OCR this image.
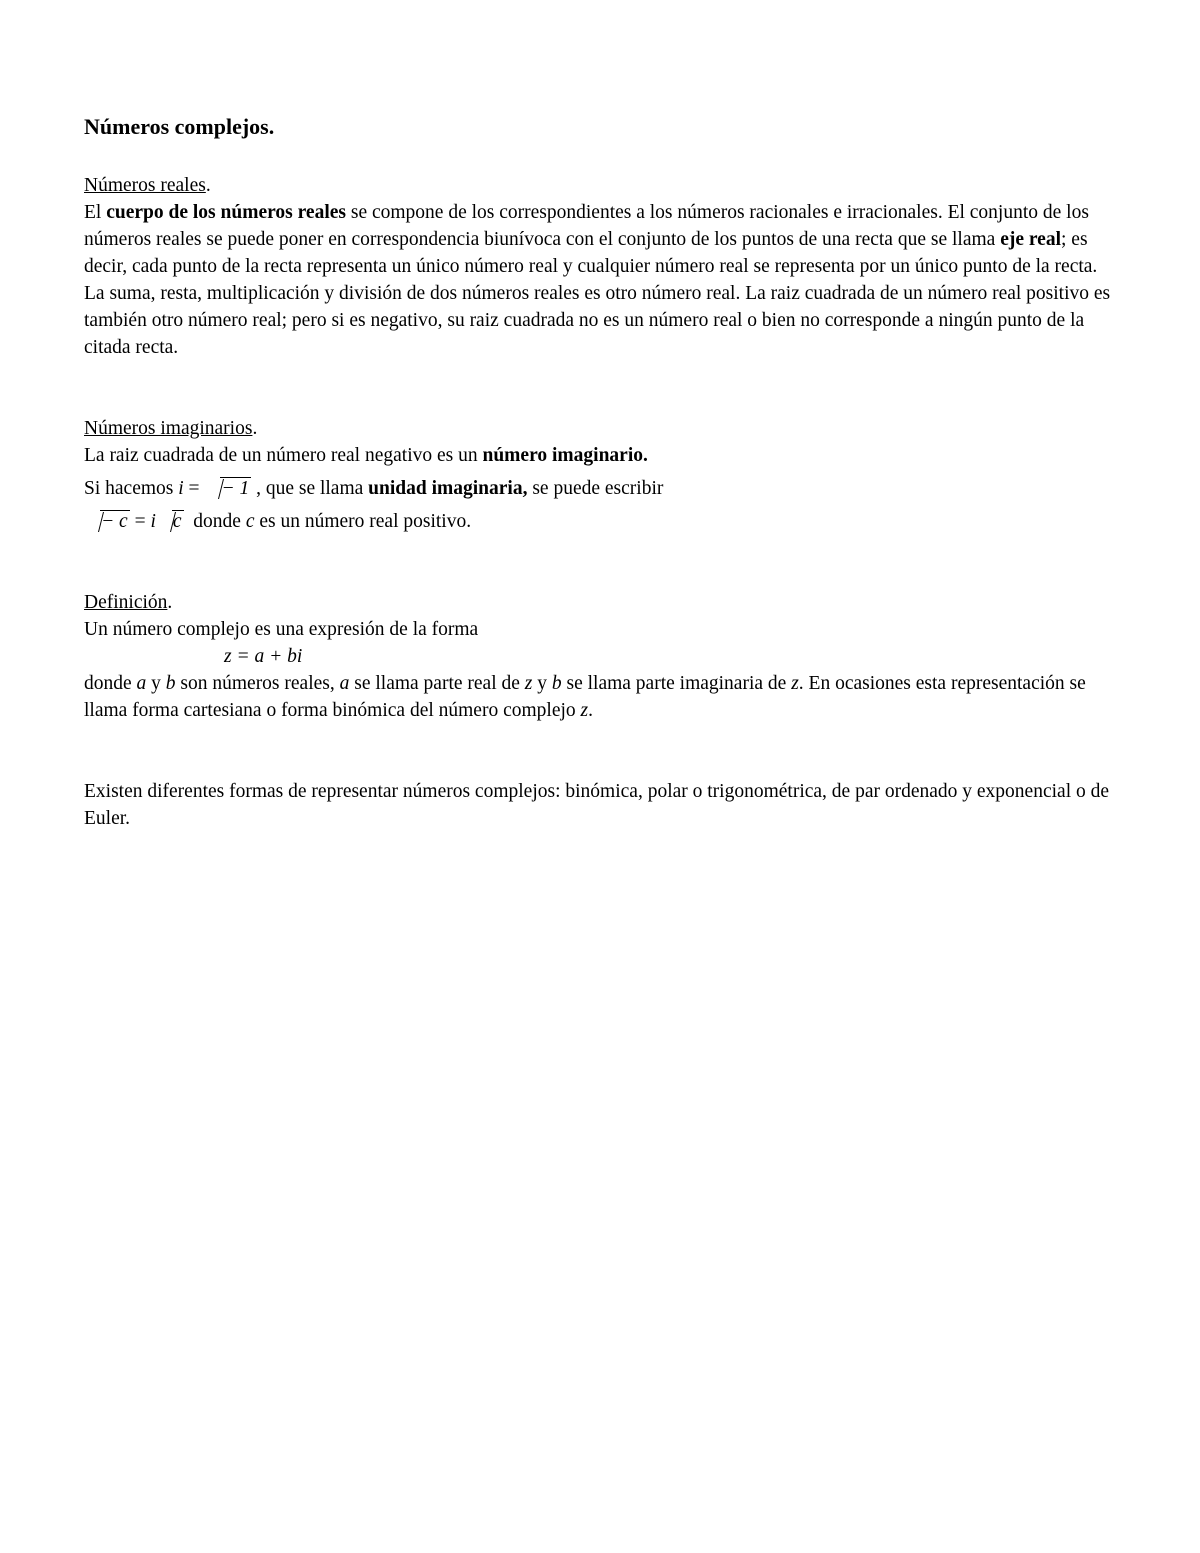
Números complejos.
Números reales.
El cuerpo de los números reales se compone de los correspondientes a los números racionales e irracionales. El conjunto de los números reales se puede poner en correspondencia biunívoca con el conjunto de los puntos de una recta que se llama eje real; es decir, cada punto de la recta representa un único número real y cualquier número real se representa por un único punto de la recta.
La suma, resta, multiplicación y división de dos números reales es otro número real. La raiz cuadrada de un número real positivo es también otro número real; pero si es negativo, su raiz cuadrada no es un número real o bien no corresponde a ningún punto de la citada recta.
Números imaginarios.
La raiz cuadrada de un número real negativo es un número imaginario.
Si hacemos i = − 1 , que se llama unidad imaginaria, se puede escribir
− c = i c  donde c es un número real positivo.
Definición.
Un número complejo es una expresión de la forma
z = a + bi
donde a y b son números reales, a se llama parte real de z y b se llama parte imaginaria de z. En ocasiones esta representación se llama forma cartesiana o forma binómica del número complejo z.
Existen diferentes formas de representar números complejos: binómica, polar o trigonométrica, de par ordenado y exponencial o de Euler.
